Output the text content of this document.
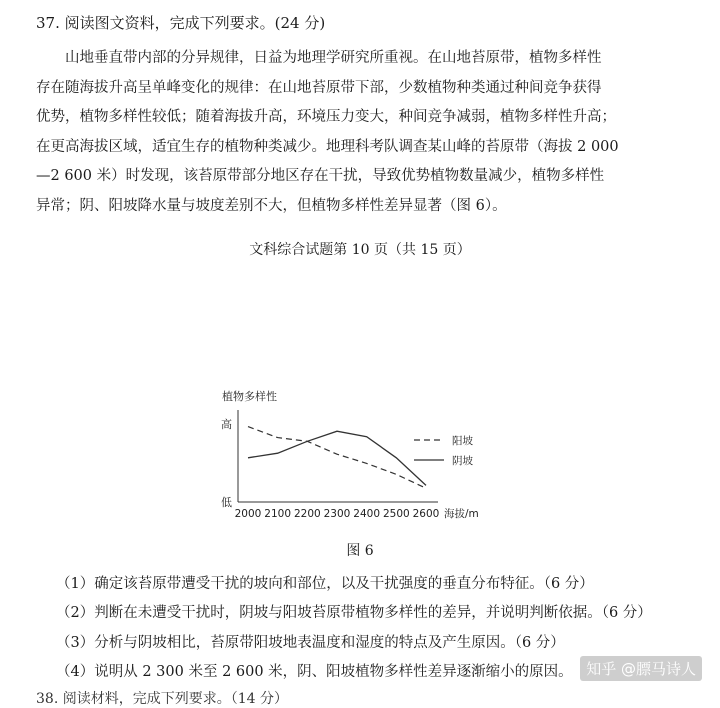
37. 阅读图文资料，完成下列要求。(24 分)
山地垂直带内部的分异规律，日益为地理学研究所重视。在山地苔原带，植物多样性
存在随海拔升高呈单峰变化的规律：在山地苔原带下部，少数植物种类通过种间竞争获得
优势，植物多样性较低；随着海拔升高，环境压力变大，种间竞争减弱，植物多样性升高；
在更高海拔区域，适宜生存的植物种类减少。地理科考队调查某山峰的苔原带（海拔 2 000
—2 600 米）时发现，该苔原带部分地区存在干扰，导致优势植物数量减少，植物多样性
异常；阴、阳坡降水量与坡度差别不大，但植物多样性差异显著（图 6）。
文科综合试题第 10 页（共 15 页）
植物多样性
高
低
2000 2100 2200 2300 2400 2500 2600 海拔/m
阳坡
阴坡
图 6
（1）确定该苔原带遭受干扰的坡向和部位，以及干扰强度的垂直分布特征。（6 分）
（2）判断在未遭受干扰时，阴坡与阳坡苔原带植物多样性的差异，并说明判断依据。（6 分）
（3）分析与阴坡相比，苔原带阳坡地表温度和湿度的特点及产生原因。（6 分）
（4）说明从 2 300 米至 2 600 米，阴、阳坡植物多样性差异逐渐缩小的原因。
38. 阅读材料，完成下列要求。（14 分）
知乎 @膘马诗人
